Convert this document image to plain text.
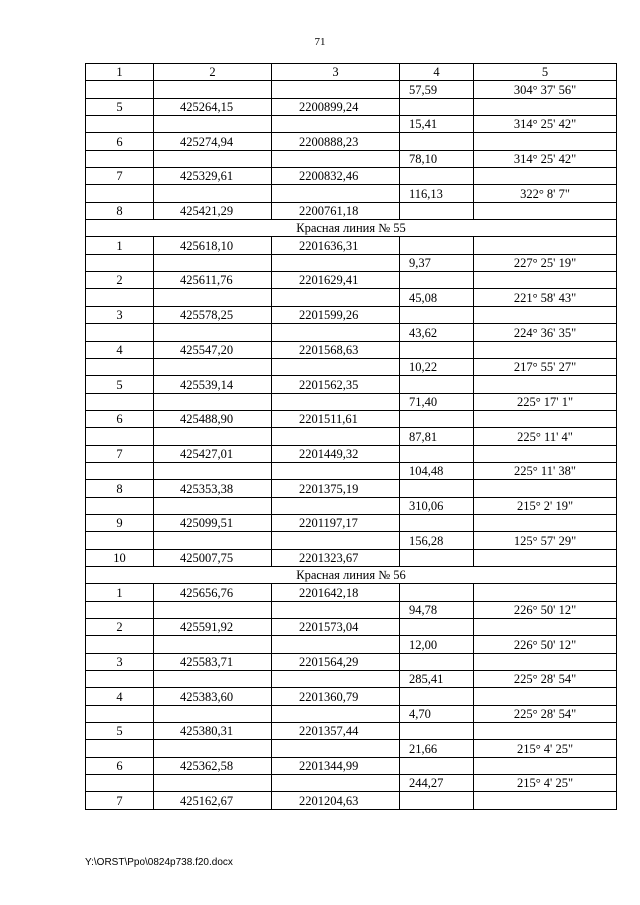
71
1	2	3	4	5
			57,59	304° 37' 56"
5	425264,15	2200899,24		
			15,41	314° 25' 42"
6	425274,94	2200888,23		
			78,10	314° 25' 42"
7	425329,61	2200832,46		
			116,13	322° 8' 7"
8	425421,29	2200761,18		
Красная линия № 55				
1	425618,10	2201636,31		
			9,37	227° 25' 19"
2	425611,76	2201629,41		
			45,08	221° 58' 43"
3	425578,25	2201599,26		
			43,62	224° 36' 35"
4	425547,20	2201568,63		
			10,22	217° 55' 27"
5	425539,14	2201562,35		
			71,40	225° 17' 1"
6	425488,90	2201511,61		
			87,81	225° 11' 4"
7	425427,01	2201449,32		
			104,48	225° 11' 38"
8	425353,38	2201375,19		
			310,06	215° 2' 19"
9	425099,51	2201197,17		
			156,28	125° 57' 29"
10	425007,75	2201323,67		
Красная линия № 56				
1	425656,76	2201642,18		
			94,78	226° 50' 12"
2	425591,92	2201573,04		
			12,00	226° 50' 12"
3	425583,71	2201564,29		
			285,41	225° 28' 54"
4	425383,60	2201360,79		
			4,70	225° 28' 54"
5	425380,31	2201357,44		
			21,66	215° 4' 25"
6	425362,58	2201344,99		
			244,27	215° 4' 25"
7	425162,67	2201204,63		
Y:\ORST\Ppo\0824p738.f20.docx
